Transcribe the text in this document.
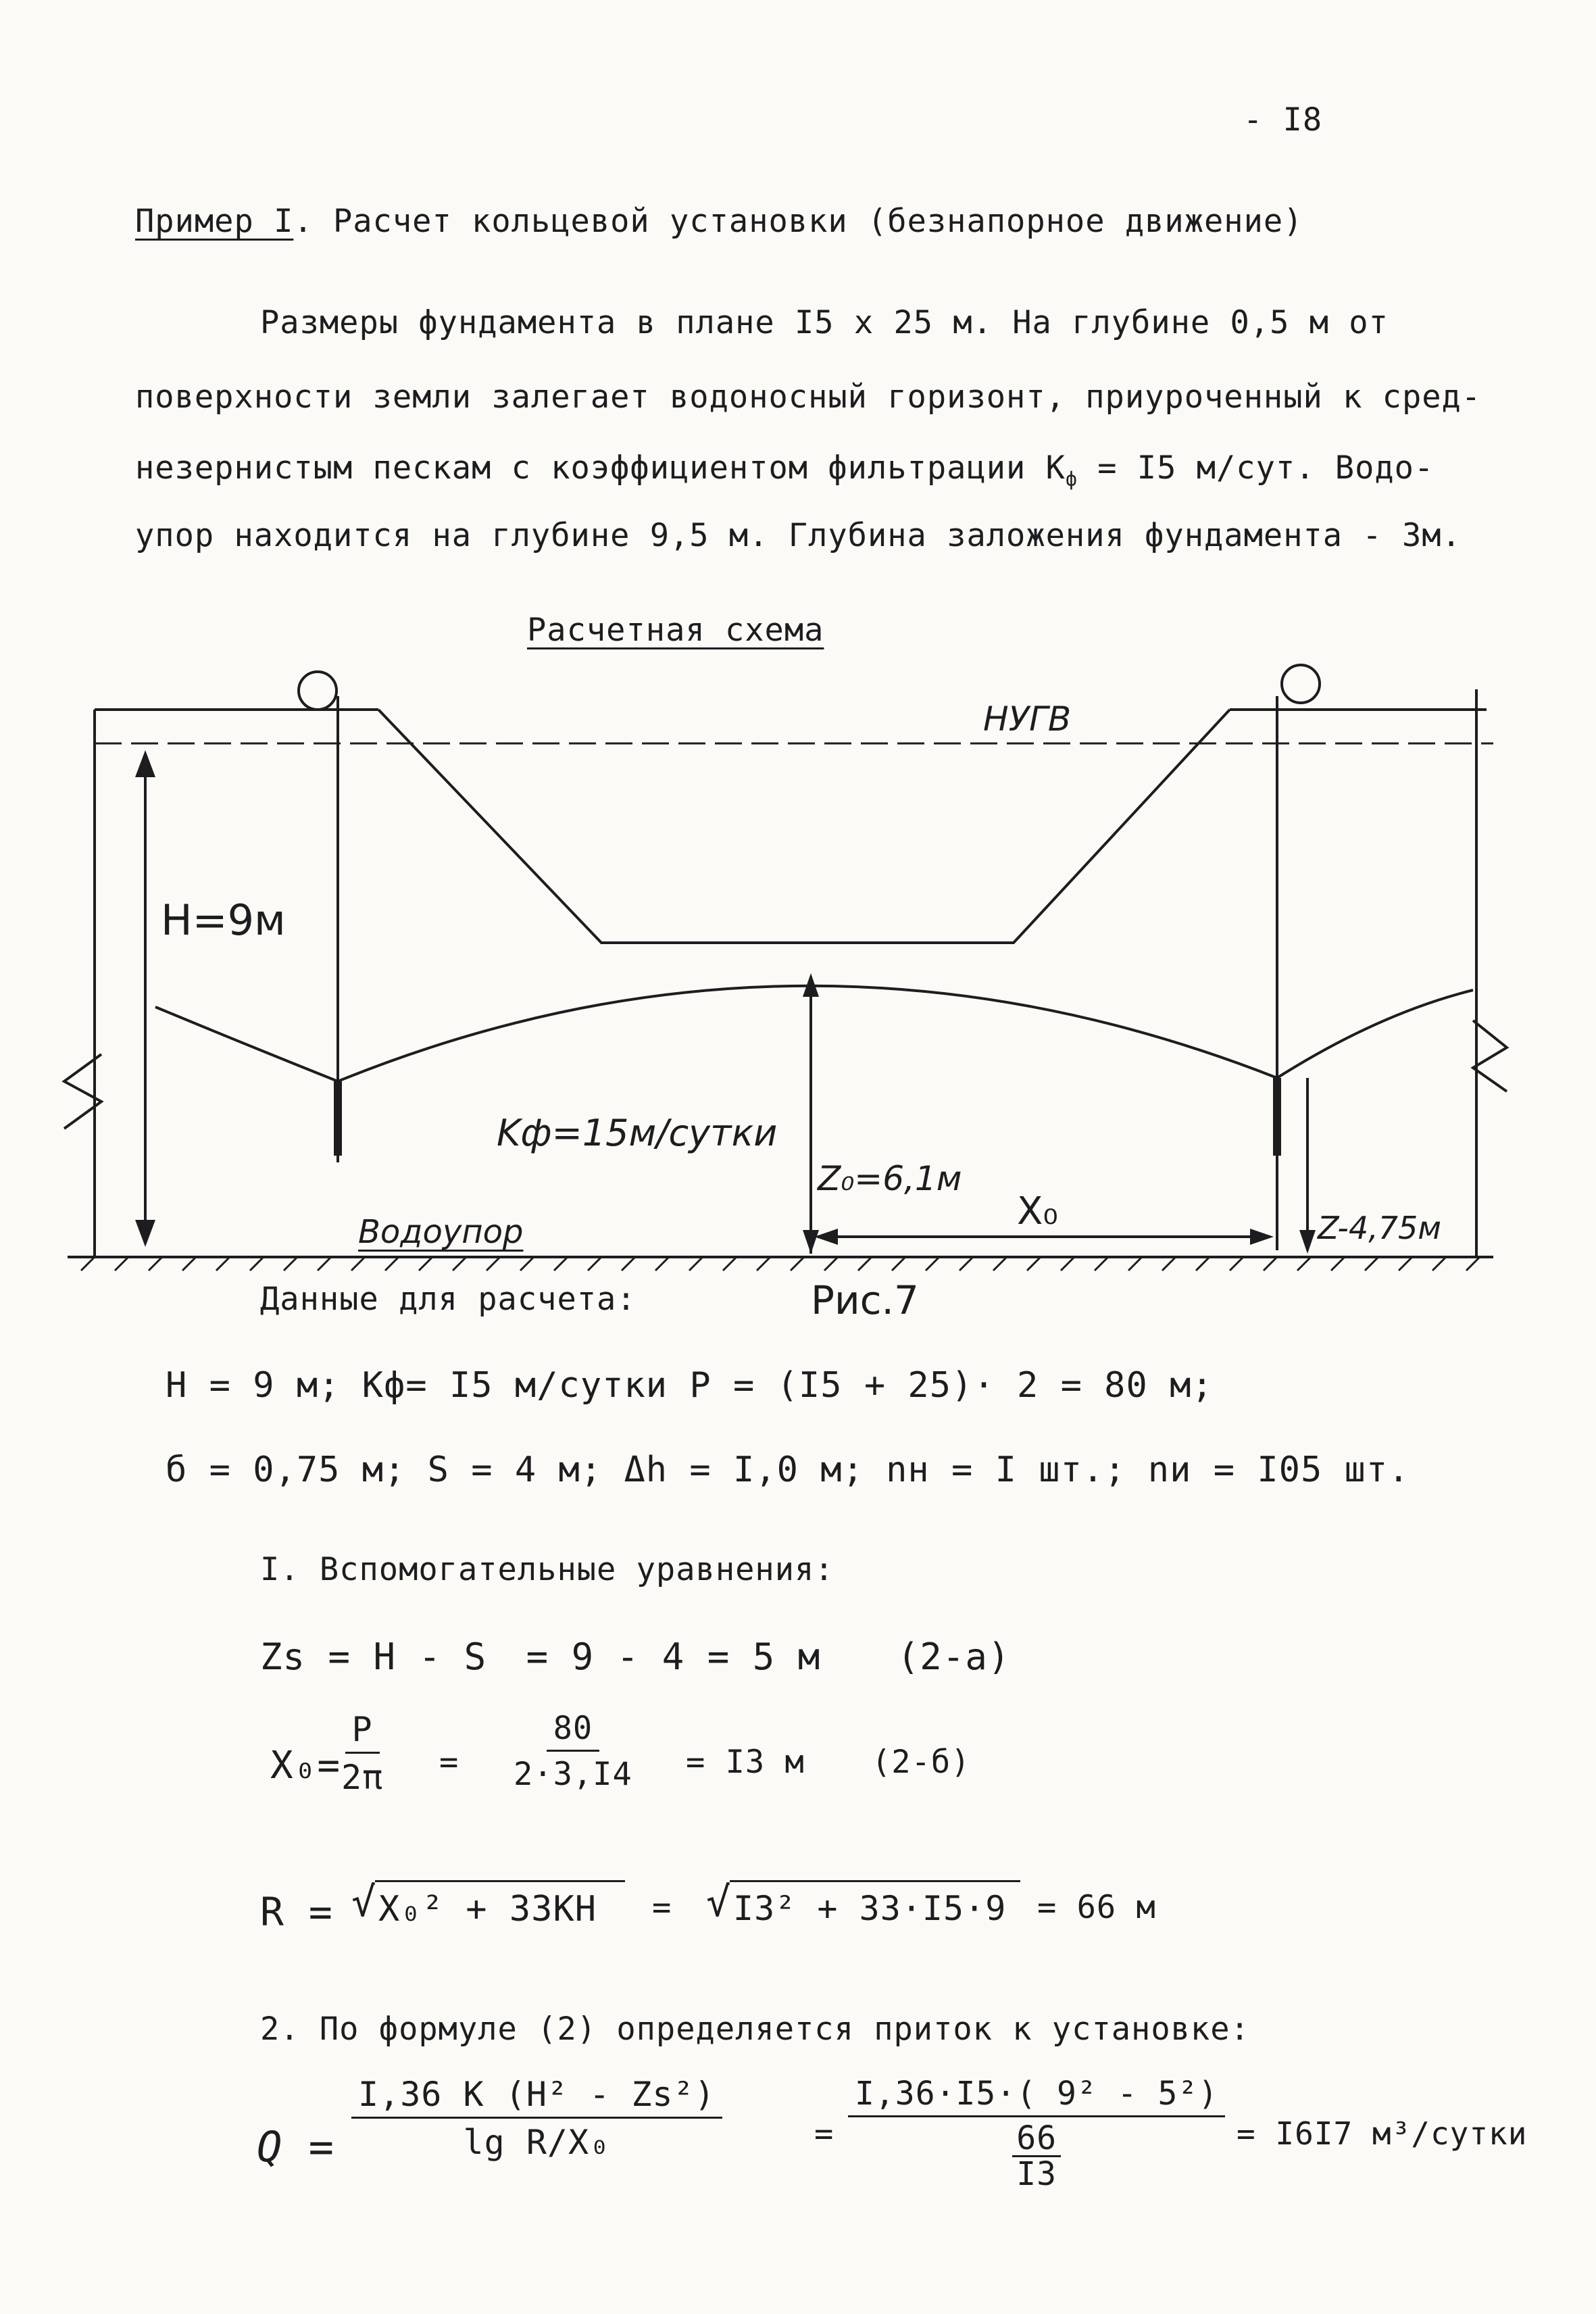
- I8
Пример I. Расчет кольцевой установки (безнапорное движение)
Размеры фундамента в плане I5 x 25 м. На глубине 0,5 м от
поверхности земли залегает водоносный горизонт, приуроченный к сред-
незернистым пескам с коэффициентом фильтрации $K_ф = I5$ м/сут. Водо-
упор находится на глубине 9,5 м. Глубина заложения фундамента - 3м.
Расчетная схема
НУГВ
H=9м
Kф=15м/сутки
Z₀=6,1м
X₀	Z-4,75м
Водоупор
Рис.7
Данные для расчета:
H = 9 м; Kф= I5 м/сутки P = (I5 + 25)· 2 = 80 м;
б = 0,75 м; S = 4 м; Δh = I,0 м; nн = I шт.; nи = I05 шт.
I. Вспомогательные уравнения:
Zs = H - S = 9 - 4 = 5 м (2-а)
$X_0= \frac{P}{2\pi} = \frac{80}{2\cdot 3,I4} = I3$ м (2-б)
R = √ X₀² + 33KH = √ I3² + 33·I5·9 = 66 м
2. По формуле (2) определяется приток к установке:
$Q = \frac{\text{I,36 K (H² - Zs²)}}{\text{lg R/X₀}}$	= I,36·I5·( 9² - 5²)
66
I3 = I6I7 м³/сутки
